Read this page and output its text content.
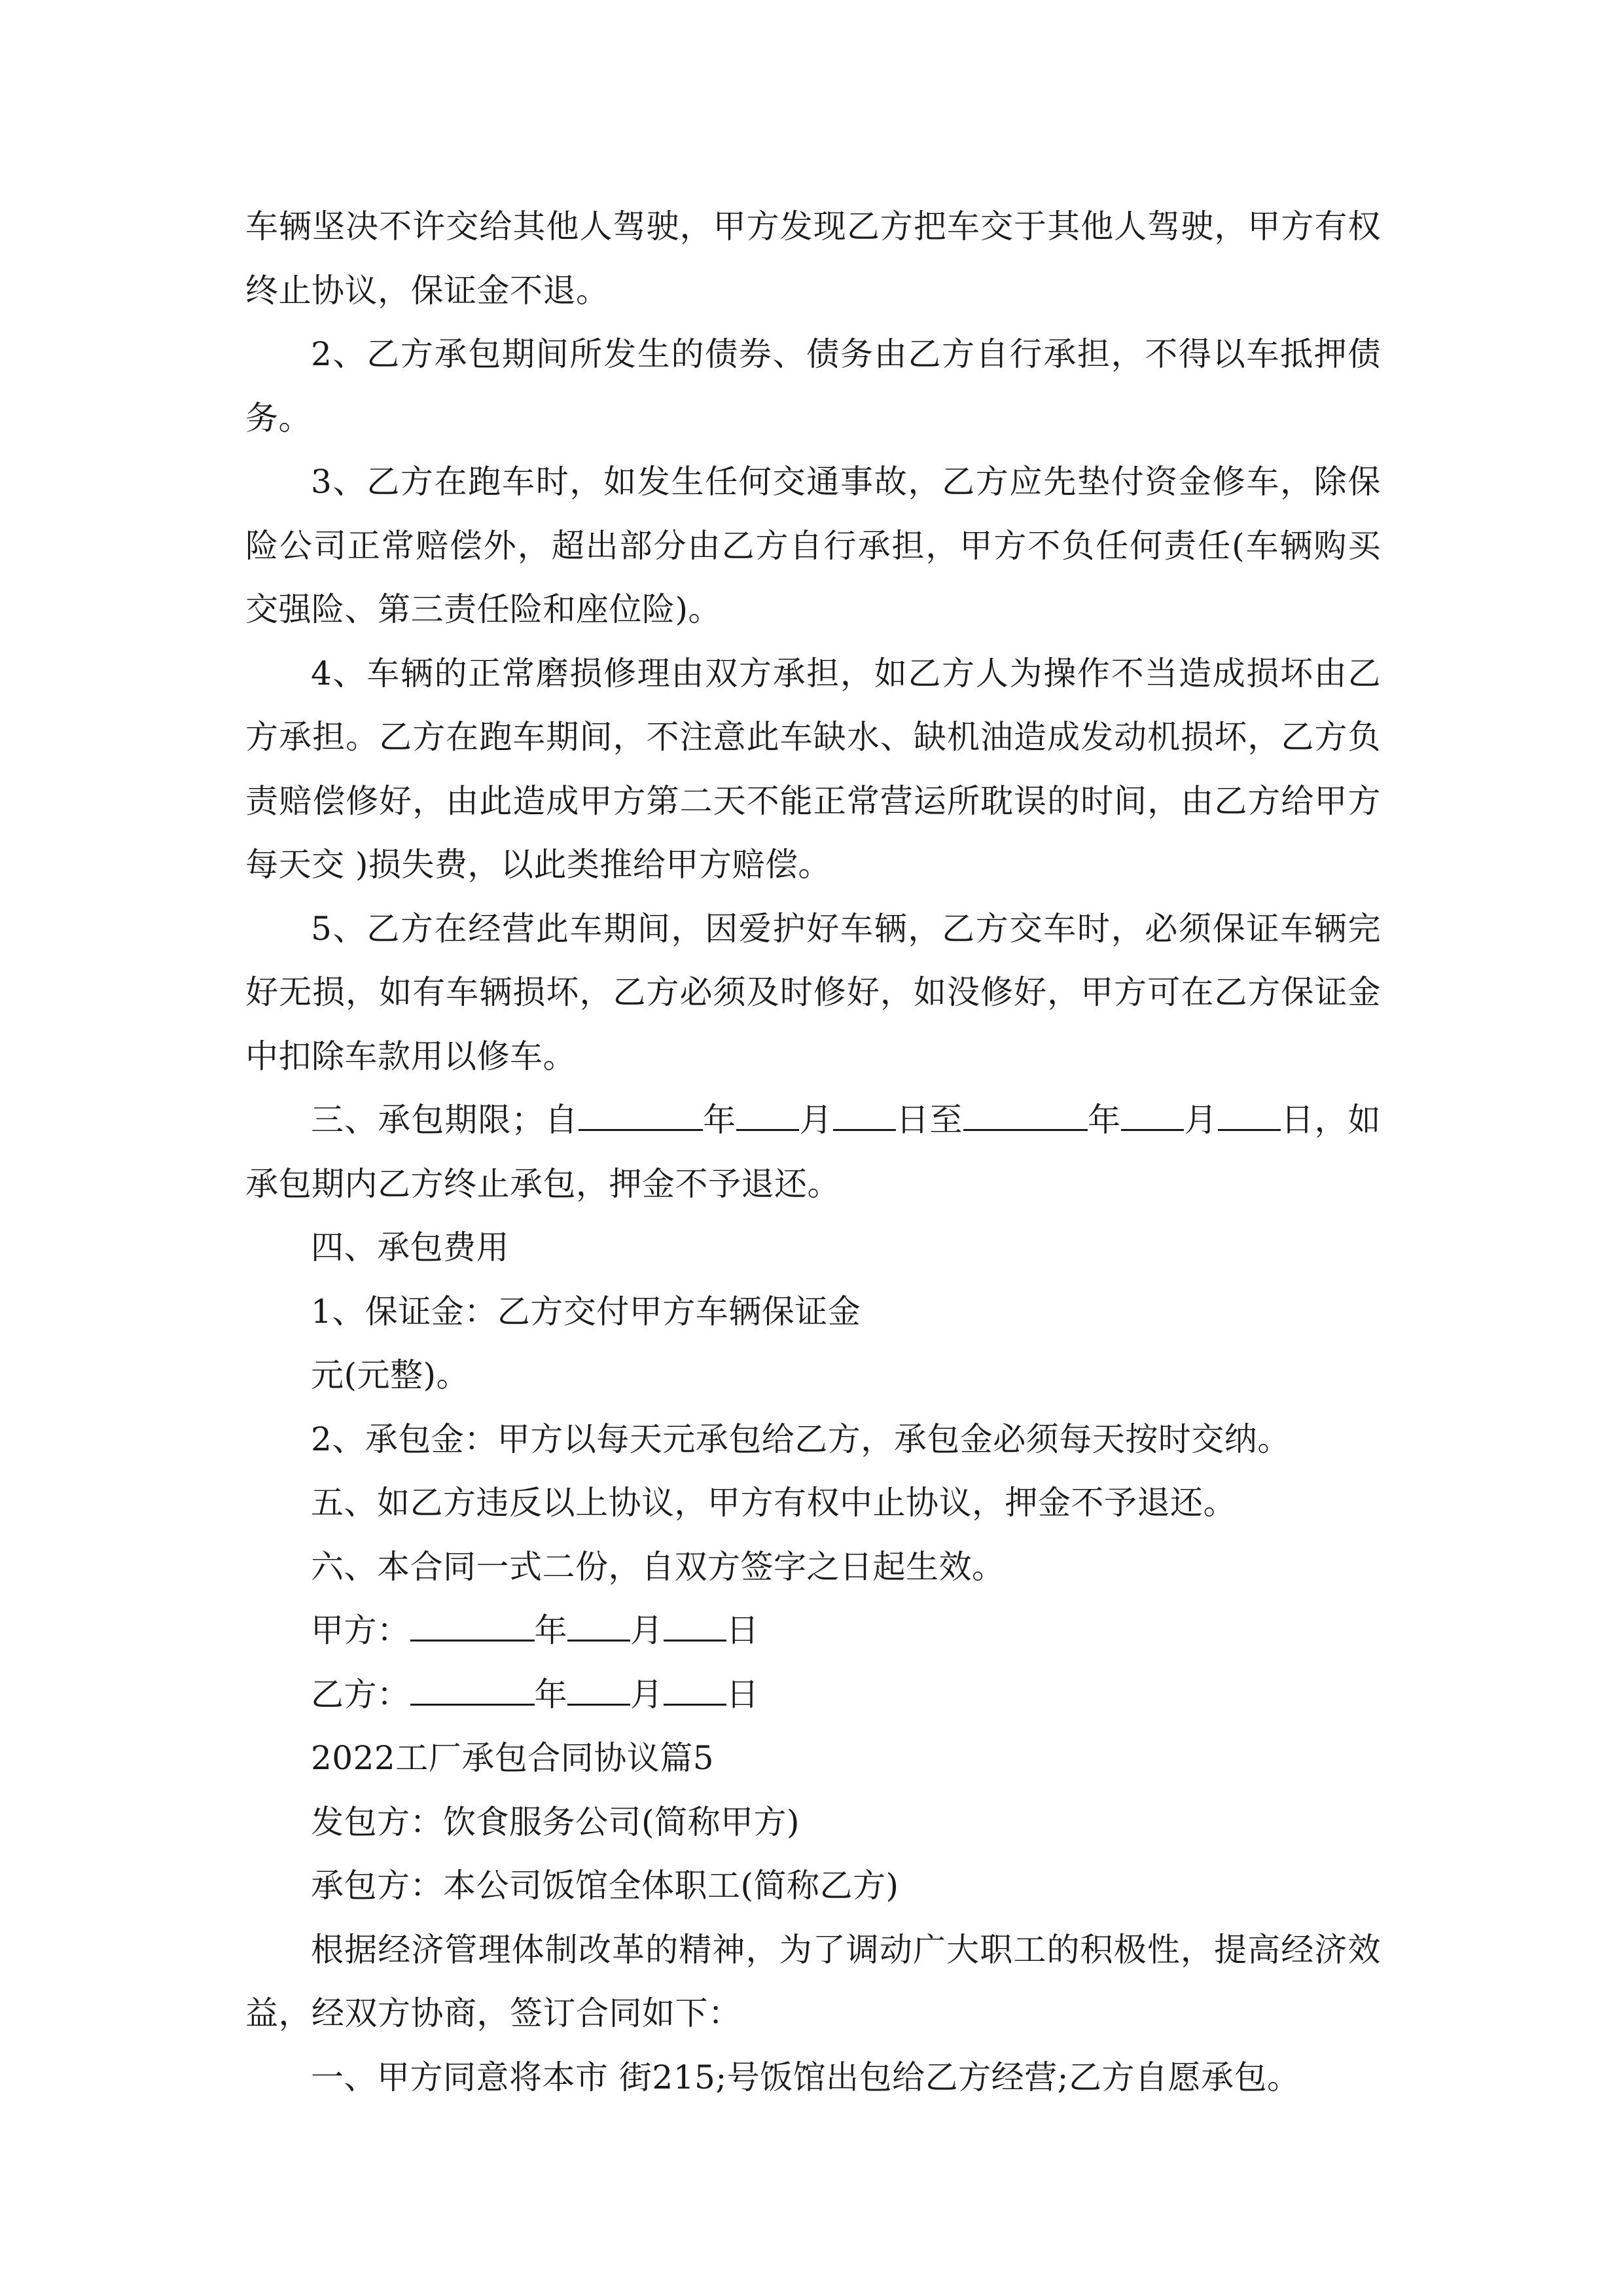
车辆坚决不许交给其他人驾驶，甲方发现乙方把车交于其他人驾驶，甲方有权终止协议，保证金不退。

2、乙方承包期间所发生的债券、债务由乙方自行承担，不得以车抵押债务。

3、乙方在跑车时，如发生任何交通事故，乙方应先垫付资金修车，除保险公司正常赔偿外，超出部分由乙方自行承担，甲方不负任何责任(车辆购买交强险、第三责任险和座位险)。

4、车辆的正常磨损修理由双方承担，如乙方人为操作不当造成损坏由乙方承担。乙方在跑车期间，不注意此车缺水、缺机油造成发动机损坏，乙方负责赔偿修好，由此造成甲方第二天不能正常营运所耽误的时间，由乙方给甲方每天交 )损失费，以此类推给甲方赔偿。

5、乙方在经营此车期间，因爱护好车辆，乙方交车时，必须保证车辆完好无损，如有车辆损坏，乙方必须及时修好，如没修好，甲方可在乙方保证金中扣除车款用以修车。

三、承包期限；自	年 月 日至	年 月 日，如承包期内乙方终止承包，押金不予退还。

四、承包费用

1、保证金：乙方交付甲方车辆保证金

元(元整)。

2、承包金：甲方以每天元承包给乙方，承包金必须每天按时交纳。

五、如乙方违反以上协议，甲方有权中止协议，押金不予退还。

六、本合同一式二份，自双方签字之日起生效。

甲方：	年 月 日

乙方：	年 月 日

2022工厂承包合同协议篇5

发包方：饮食服务公司(简称甲方)

承包方：本公司饭馆全体职工(简称乙方)

根据经济管理体制改革的精神，为了调动广大职工的积极性，提高经济效益，经双方协商，签订合同如下：

一、甲方同意将本市 街215;号饭馆出包给乙方经营;乙方自愿承包。
